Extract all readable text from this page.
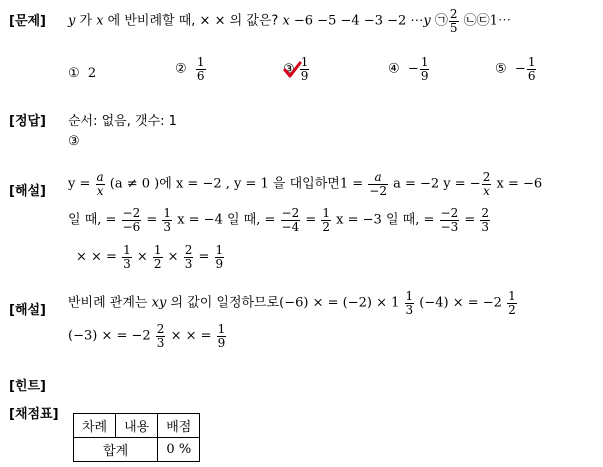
[문제]
[정답]
[해설]
[해설]
[힌트]
[채점표]
y 가 x 에 반비례할 때, × × 의 값은? x −6 −5 −4 −3 −2 ⋯y ㉠ $\frac{2}{5}$ ㉡㉢1⋯
① 2	② $\frac{1}{6}$	③
$\frac{1}{9}$	④ − $\frac{1}{9}$	⑤ − $\frac{1}{6}$
순서: 없음, 갯수: 1
③
$y = \frac{a}{x} (a \ne 0$ )에 x = −2 , y = 1 을 대입하면$1 = \frac{a}{-2}$ a = −2 y = − $\frac{2}{x}$ x = −6
일 때, = $\frac{-2}{-6} = \frac{1}{3}$ x = −4 일 때, = $\frac{-2}{-4} = \frac{1}{2}$ x = −3 일 때, = $\frac{-2}{-3} = \frac{2}{3}$
× × = $\frac{1}{3} \times \frac{1}{2} \times \frac{2}{3} = \frac{1}{9}$
반비례 관계는 xy 의 값이 일정하므로(−6) × = $(-2) \times 1 \frac{1}{3} (-4)$ × = $-2 \frac{1}{2}$
(−3) × = $-2 \frac{2}{3}$ × × = $\frac{1}{9}$
차례	내용	배점
합계		0 %
